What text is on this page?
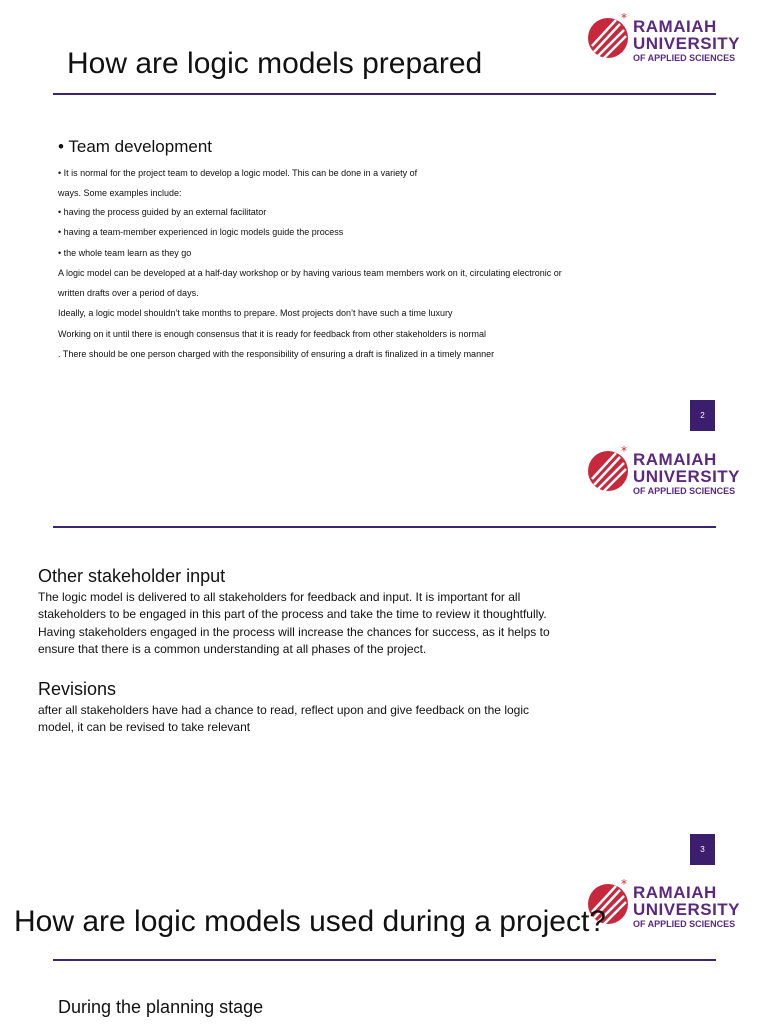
* RAMAIAH
UNIVERSITY
OF APPLIED SCIENCES
How are logic models prepared
• Team development
• It is normal for the project team to develop a logic model. This can be done in a variety of
ways. Some examples include:
• having the process guided by an external facilitator
• having a team-member experienced in logic models guide the process
• the whole team learn as they go
A logic model can be developed at a half-day workshop or by having various team members work on it, circulating electronic or
written drafts over a period of days.
Ideally, a logic model shouldn’t take months to prepare. Most projects don’t have such a time luxury
Working on it until there is enough consensus that it is ready for feedback from other stakeholders is normal
. There should be one person charged with the responsibility of ensuring a draft is finalized in a timely manner
2
* RAMAIAH
UNIVERSITY
OF APPLIED SCIENCES
Other stakeholder input
The logic model is delivered to all stakeholders for feedback and input. It is important for all stakeholders to be engaged in this part of the process and take the time to review it thoughtfully. Having stakeholders engaged in the process will increase the chances for success, as it helps to ensure that there is a common understanding at all phases of the project.
Revisions
after all stakeholders have had a chance to read, reflect upon and give feedback on the logic model, it can be revised to take relevant
3
* RAMAIAH
UNIVERSITY
OF APPLIED SCIENCES
How are logic models used during a project?
During the planning stage
